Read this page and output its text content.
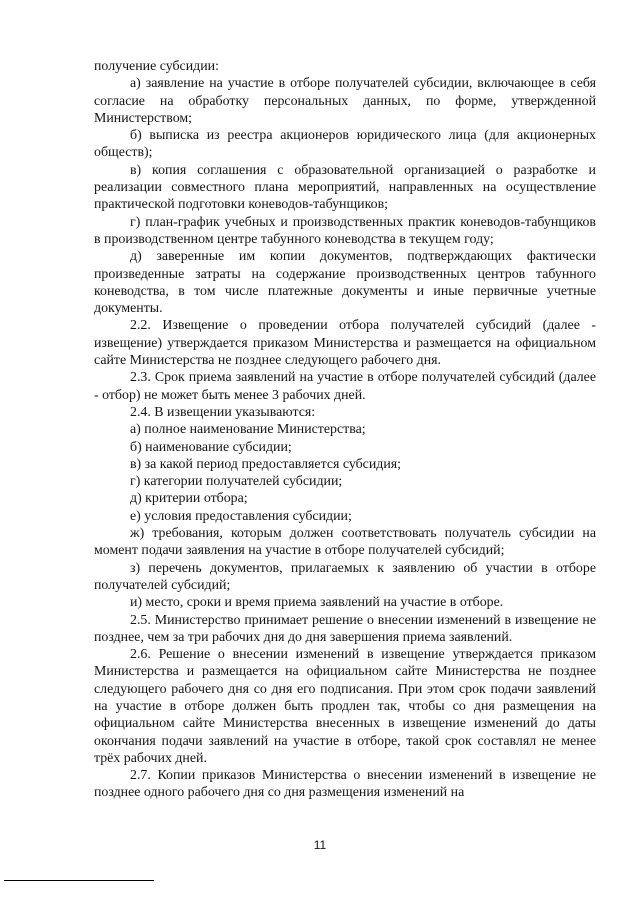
получение субсидии:

а) заявление на участие в отборе получателей субсидии, включающее в себя согласие на обработку персональных данных, по форме, утвержденной Министерством;

б) выписка из реестра акционеров юридического лица (для акционерных обществ);

в) копия соглашения с образовательной организацией о разработке и реализации совместного плана мероприятий, направленных на осуществление практической подготовки коневодов-табунщиков;

г) план-график учебных и производственных практик коневодов-табунщиков в производственном центре табунного коневодства в текущем году;

д) заверенные им копии документов, подтверждающих фактически произведенные затраты на содержание производственных центров табунного коневодства, в том числе платежные документы и иные первичные учетные документы.

2.2. Извещение о проведении отбора получателей субсидий (далее - извещение) утверждается приказом Министерства и размещается на официальном сайте Министерства не позднее следующего рабочего дня.

2.3. Срок приема заявлений на участие в отборе получателей субсидий (далее - отбор) не может быть менее 3 рабочих дней.

2.4. В извещении указываются:

а) полное наименование Министерства;

б) наименование субсидии;

в) за какой период предоставляется субсидия;

г) категории получателей субсидии;

д) критерии отбора;

е) условия предоставления субсидии;

ж) требования, которым должен соответствовать получатель субсидии на момент подачи заявления на участие в отборе получателей субсидий;

з) перечень документов, прилагаемых к заявлению об участии в отборе получателей субсидий;

и) место, сроки и время приема заявлений на участие в отборе.

2.5. Министерство принимает решение о внесении изменений в извещение не позднее, чем за три рабочих дня до дня завершения приема заявлений.

2.6. Решение о внесении изменений в извещение утверждается приказом Министерства и размещается на официальном сайте Министерства не позднее следующего рабочего дня со дня его подписания. При этом срок подачи заявлений на участие в отборе должен быть продлен так, чтобы со дня размещения на официальном сайте Министерства внесенных в извещение изменений до даты окончания подачи заявлений на участие в отборе, такой срок составлял не менее трёх рабочих дней.

2.7. Копии приказов Министерства о внесении изменений в извещение не позднее одного рабочего дня со дня размещения изменений на

11
